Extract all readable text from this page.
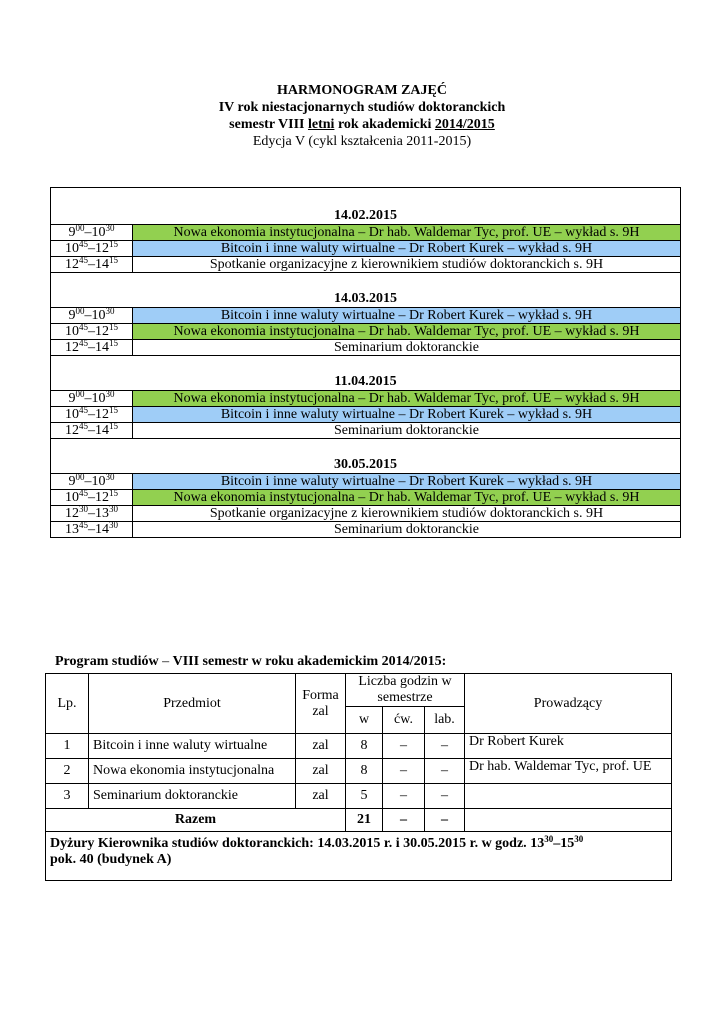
HARMONOGRAM ZAJĘĆ
IV rok niestacjonarnych studiów doktoranckich
semestr VIII letni rok akademicki 2014/2015
Edycja V (cykl kształcenia 2011-2015)

14.02.2015	
$9^{00}-10^{30}$	Nowa ekonomia instytucjonalna – Dr hab. Waldemar Tyc, prof. UE – wykład s. 9H
$10^{45}-12^{15}$	Bitcoin i inne waluty wirtualne – Dr Robert Kurek – wykład s. 9H
$12^{45}-14^{15}$	Spotkanie organizacyjne z kierownikiem studiów doktoranckich s. 9H

14.03.2015	
$9^{00}-10^{30}$	Bitcoin i inne waluty wirtualne – Dr Robert Kurek – wykład s. 9H
$10^{45}-12^{15}$	Nowa ekonomia instytucjonalna – Dr hab. Waldemar Tyc, prof. UE – wykład s. 9H
$12^{45}-14^{15}$	Seminarium doktoranckie

11.04.2015	
$9^{00}-10^{30}$	Nowa ekonomia instytucjonalna – Dr hab. Waldemar Tyc, prof. UE – wykład s. 9H
$10^{45}-12^{15}$	Bitcoin i inne waluty wirtualne – Dr Robert Kurek – wykład s. 9H
$12^{45}-14^{15}$	Seminarium doktoranckie

30.05.2015	
$9^{00}-10^{30}$	Bitcoin i inne waluty wirtualne – Dr Robert Kurek – wykład s. 9H
$10^{45}-12^{15}$	Nowa ekonomia instytucjonalna – Dr hab. Waldemar Tyc, prof. UE – wykład s. 9H
$12^{30}-13^{30}$	Spotkanie organizacyjne z kierownikiem studiów doktoranckich s. 9H
$13^{45}-14^{30}$	Seminarium doktoranckie
Program studiów – VIII semestr w roku akademickim 2014/2015:
Lp.	Przedmiot	Forma zal	Liczba godzin w semestrze			Prowadzący
			w	ćw.	lab.	
1	Bitcoin i inne waluty wirtualne	zal	8	–	–	Dr Robert Kurek
2	Nowa ekonomia instytucjonalna	zal	8	–	–	Dr hab. Waldemar Tyc, prof. UE
3	Seminarium doktoranckie	zal	5	–	–	
Razem			21	–	–	
Dyżury Kierownika studiów doktoranckich: 14.03.2015 r. i 30.05.2015 r. w godz. $13^{30}-15^{30}$
pok. 40 (budynek A)						
